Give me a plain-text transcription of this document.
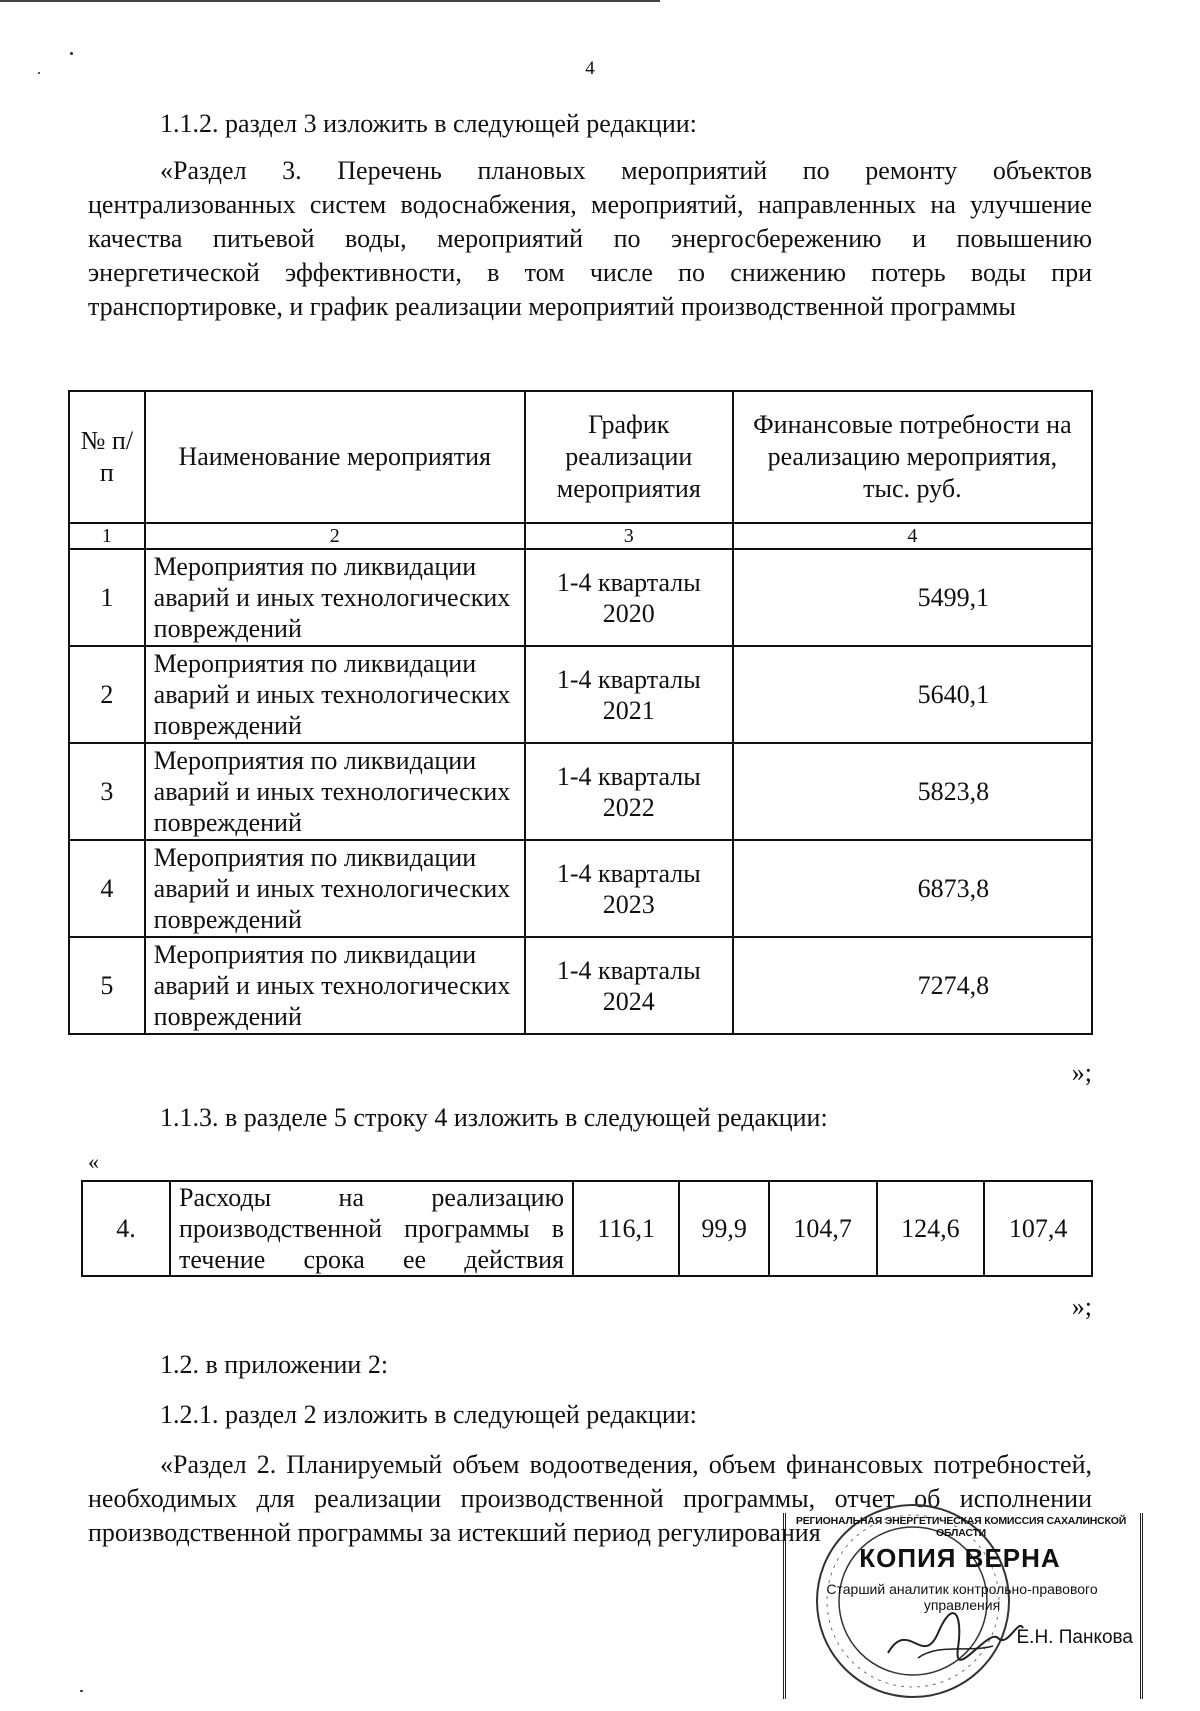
4

1.1.2. раздел 3 изложить в следующей редакции:

«Раздел 3. Перечень плановых мероприятий по ремонту объектов централизованных систем водоснабжения, мероприятий, направленных на улучшение качества питьевой воды, мероприятий по энергосбережению и повышению энергетической эффективности, в том числе по снижению потерь воды при транспортировке, и график реализации мероприятий производственной программы

№ п/п	Наименование мероприятия	График реализации мероприятия	Финансовые потребности на реализацию мероприятия, тыс. руб.
1	2	3	4
1	Мероприятия по ликвидации аварий и иных технологических повреждений	1-4 кварталы 2020	5499,1
2	Мероприятия по ликвидации аварий и иных технологических повреждений	1-4 кварталы 2021	5640,1
3	Мероприятия по ликвидации аварий и иных технологических повреждений	1-4 кварталы 2022	5823,8
4	Мероприятия по ликвидации аварий и иных технологических повреждений	1-4 кварталы 2023	6873,8
5	Мероприятия по ликвидации аварий и иных технологических повреждений	1-4 кварталы 2024	7274,8

»;

1.1.3. в разделе 5 строку 4 изложить в следующей редакции:

«

4.	Расходы на реализацию производственной программы в течение срока ее действия	116,1	99,9	104,7	124,6	107,4

»;

1.2. в приложении 2:

1.2.1. раздел 2 изложить в следующей редакции:

«Раздел 2. Планируемый объем водоотведения, объем финансовых потребностей, необходимых для реализации производственной программы, отчет об исполнении производственной программы за истекший период регулирования

РЕГИОНАЛЬНАЯ ЭНЕРГЕТИЧЕСКАЯ КОМИССИЯ САХАЛИНСКОЙ ОБЛАСТИ
КОПИЯ ВЕРНА
Старший аналитик контрольно-правового управления
Е.Н. Панкова
